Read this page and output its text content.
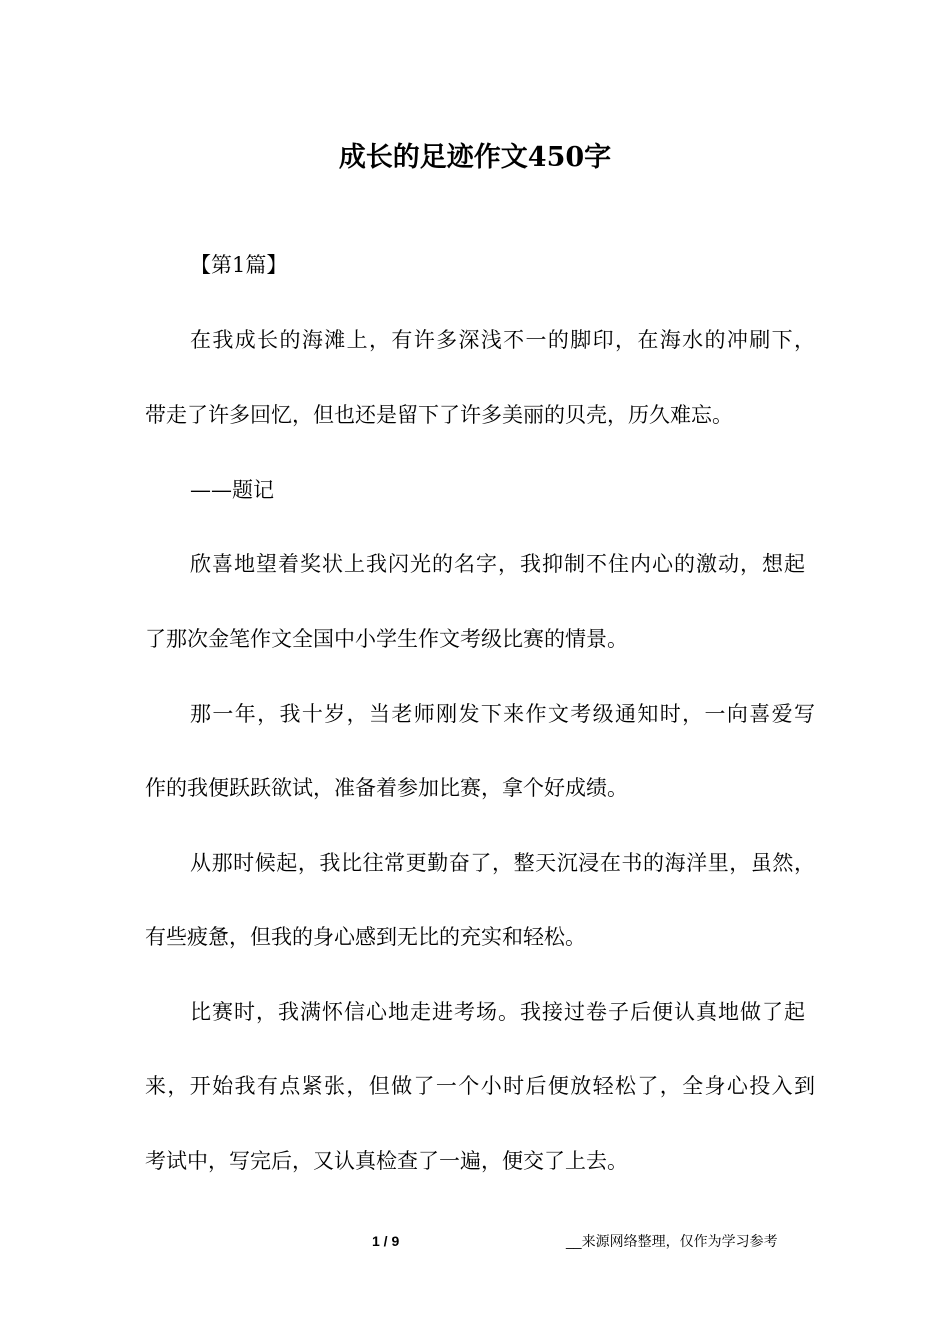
成长的足迹作文450字
【第1篇】
在我成长的海滩上，有许多深浅不一的脚印，在海水的冲刷下，
带走了许多回忆，但也还是留下了许多美丽的贝壳，历久难忘。
——题记
欣喜地望着奖状上我闪光的名字，我抑制不住内心的激动，想起
了那次金笔作文全国中小学生作文考级比赛的情景。
那一年，我十岁，当老师刚发下来作文考级通知时，一向喜爱写
作的我便跃跃欲试，准备着参加比赛，拿个好成绩。
从那时候起，我比往常更勤奋了，整天沉浸在书的海洋里，虽然，
有些疲惫，但我的身心感到无比的充实和轻松。
比赛时，我满怀信心地走进考场。我接过卷子后便认真地做了起
来，开始我有点紧张，但做了一个小时后便放轻松了，全身心投入到
考试中，写完后，又认真检查了一遍，便交了上去。
1 / 9	__来源网络整理，仅作为学习参考
